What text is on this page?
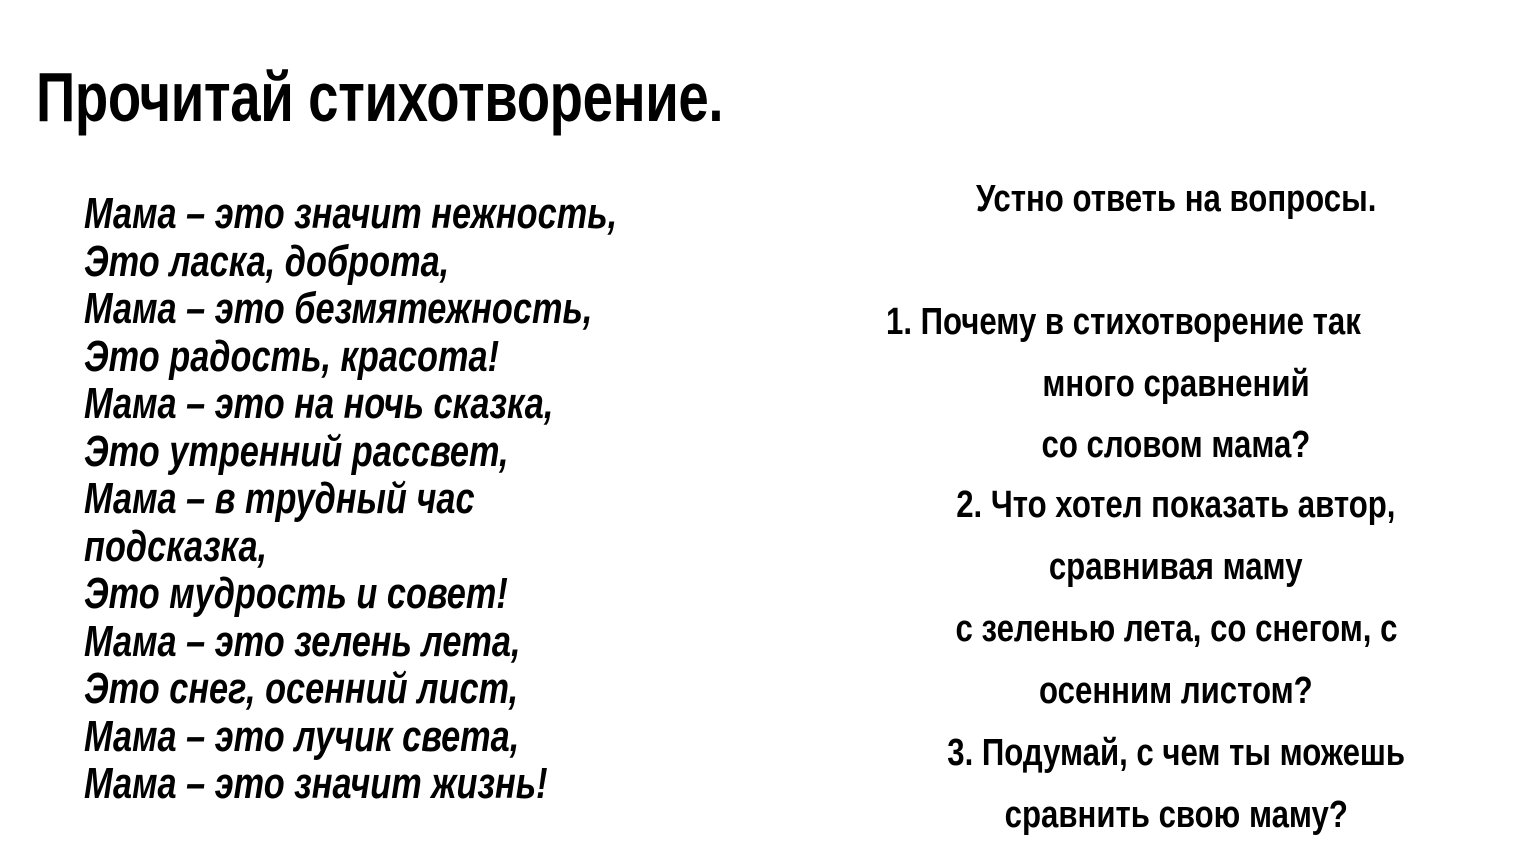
Прочитай стихотворение.
Мама – это значит нежность,
Это ласка, доброта,
Мама – это безмятежность,
Это радость, красота!
Мама – это на ночь сказка,
Это утренний рассвет,
Мама – в трудный час
подсказка,
Это мудрость и совет!
Мама – это зелень лета,
Это снег, осенний лист,
Мама – это лучик света,
Мама – это значит жизнь!
Устно ответь на вопросы.
1. Почему в стихотворение так
много сравнений
со словом мама?
2. Что хотел показать автор,
сравнивая маму
с зеленью лета, со снегом, с
осенним листом?
3. Подумай, с чем ты можешь
сравнить свою маму?
